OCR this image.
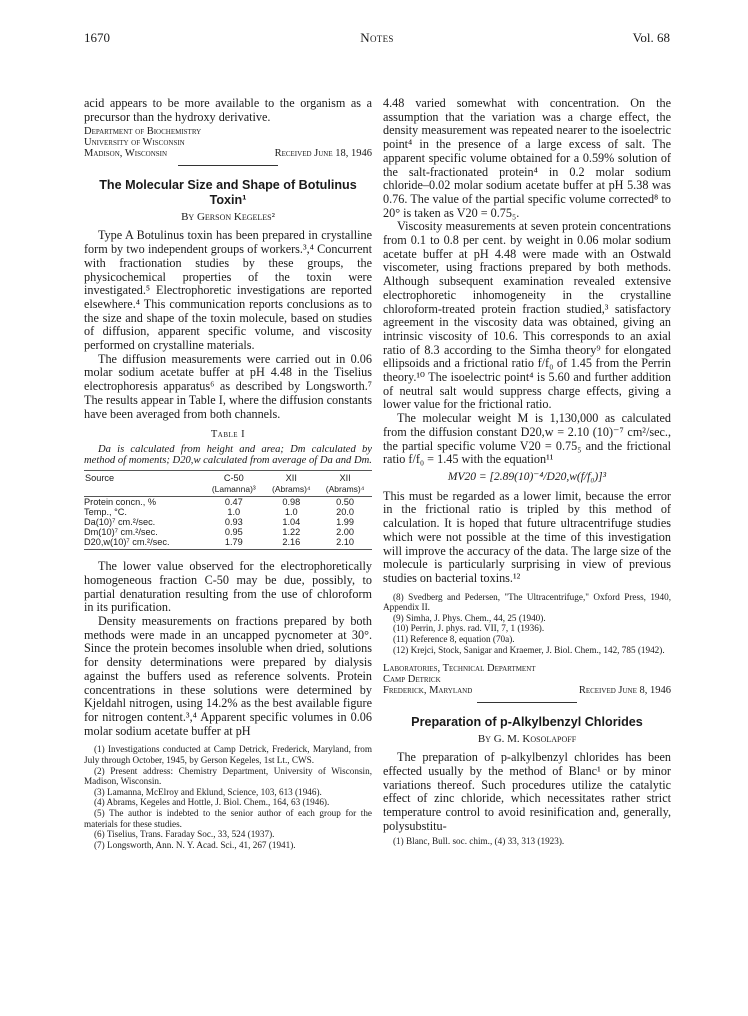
1670	Notes	Vol. 68

acid appears to be more available to the organism as a precursor than the hydroxy derivative.

Department of Biochemistry
University of Wisconsin
Madison, Wisconsin	Received June 18, 1946
The Molecular Size and Shape of Botulinus Toxin¹
By Gerson Kegeles²

Type A Botulinus toxin has been prepared in crystalline form by two independent groups of workers.³,⁴ Concurrent with fractionation studies by these groups, the physicochemical properties of the toxin were investigated.⁵ Electrophoretic investigations are reported elsewhere.⁴ This communication reports conclusions as to the size and shape of the toxin molecule, based on studies of diffusion, apparent specific volume, and viscosity performed on crystalline materials.

The diffusion measurements were carried out in 0.06 molar sodium acetate buffer at pH 4.48 in the Tiselius electrophoresis apparatus⁶ as described by Longsworth.⁷ The results appear in Table I, where the diffusion constants have been averaged from both channels.

Table I
Da is calculated from height and area; Dm calculated by method of moments; D20,w calculated from average of Da and Dm.
Source	C-50	XII	XII
	(Lamanna)³	(Abrams)⁴	(Abrams)⁴
Protein concn., %	0.47	0.98	0.50
Temp., °C.	1.0	1.0	20.0
Da(10)⁷ cm.²/sec.	0.93	1.04	1.99
Dm(10)⁷ cm.²/sec.	0.95	1.22	2.00
D20,w(10)⁷ cm.²/sec.	1.79	2.16	2.10

The lower value observed for the electrophoretically homogeneous fraction C-50 may be due, possibly, to partial denaturation resulting from the use of chloroform in its purification.

Density measurements on fractions prepared by both methods were made in an uncapped pycnometer at 30°. Since the protein becomes insoluble when dried, solutions for density determinations were prepared by dialysis against the buffers used as reference solvents. Protein concentrations in these solutions were determined by Kjeldahl nitrogen, using 14.2% as the best available figure for nitrogen content.³,⁴ Apparent specific volumes in 0.06 molar sodium acetate buffer at pH

(1) Investigations conducted at Camp Detrick, Frederick, Maryland, from July through October, 1945, by Gerson Kegeles, 1st Lt., CWS.

(2) Present address: Chemistry Department, University of Wisconsin, Madison, Wisconsin.

(3) Lamanna, McElroy and Eklund, Science, 103, 613 (1946).

(4) Abrams, Kegeles and Hottle, J. Biol. Chem., 164, 63 (1946).

(5) The author is indebted to the senior author of each group for the materials for these studies.

(6) Tiselius, Trans. Faraday Soc., 33, 524 (1937).

(7) Longsworth, Ann. N. Y. Acad. Sci., 41, 267 (1941).

4.48 varied somewhat with concentration. On the assumption that the variation was a charge effect, the density measurement was repeated nearer to the isoelectric point⁴ in the presence of a large excess of salt. The apparent specific volume obtained for a 0.59% solution of the salt-fractionated protein⁴ in 0.2 molar sodium chloride–0.02 molar sodium acetate buffer at pH 5.38 was 0.76. The value of the partial specific volume corrected⁸ to 20° is taken as V20 = 0.75₅.

Viscosity measurements at seven protein concentrations from 0.1 to 0.8 per cent. by weight in 0.06 molar sodium acetate buffer at pH 4.48 were made with an Ostwald viscometer, using fractions prepared by both methods. Although subsequent examination revealed extensive electrophoretic inhomogeneity in the crystalline chloroform-treated protein fraction studied,³ satisfactory agreement in the viscosity data was obtained, giving an intrinsic viscosity of 10.6. This corresponds to an axial ratio of 8.3 according to the Simha theory⁹ for elongated ellipsoids and a frictional ratio f/f₀ of 1.45 from the Perrin theory.¹⁰ The isoelectric point⁴ is 5.60 and further addition of neutral salt would suppress charge effects, giving a lower value for the frictional ratio.

The molecular weight M is 1,130,000 as calculated from the diffusion constant D20,w = 2.10 (10)⁻⁷ cm²/sec., the partial specific volume V20 = 0.75₅ and the frictional ratio f/f₀ = 1.45 with the equation¹¹

MV20 = [2.89(10)⁻⁴/D20,w(f/f₀)]³

This must be regarded as a lower limit, because the error in the frictional ratio is tripled by this method of calculation. It is hoped that future ultracentrifuge studies which were not possible at the time of this investigation will improve the accuracy of the data. The large size of the molecule is particularly surprising in view of previous studies on bacterial toxins.¹²

(8) Svedberg and Pedersen, "The Ultracentrifuge," Oxford Press, 1940, Appendix II.

(9) Simha, J. Phys. Chem., 44, 25 (1940).

(10) Perrin, J. phys. rad. VII, 7, 1 (1936).

(11) Reference 8, equation (70a).

(12) Krejci, Stock, Sanigar and Kraemer, J. Biol. Chem., 142, 785 (1942).

Laboratories, Technical Department
Camp Detrick
Frederick, Maryland	Received June 8, 1946
Preparation of p-Alkylbenzyl Chlorides
By G. M. Kosolapoff

The preparation of p-alkylbenzyl chlorides has been effected usually by the method of Blanc¹ or by minor variations thereof. Such procedures utilize the catalytic effect of zinc chloride, which necessitates rather strict temperature control to avoid resinification and, generally, polysubstitu-

(1) Blanc, Bull. soc. chim., (4) 33, 313 (1923).
